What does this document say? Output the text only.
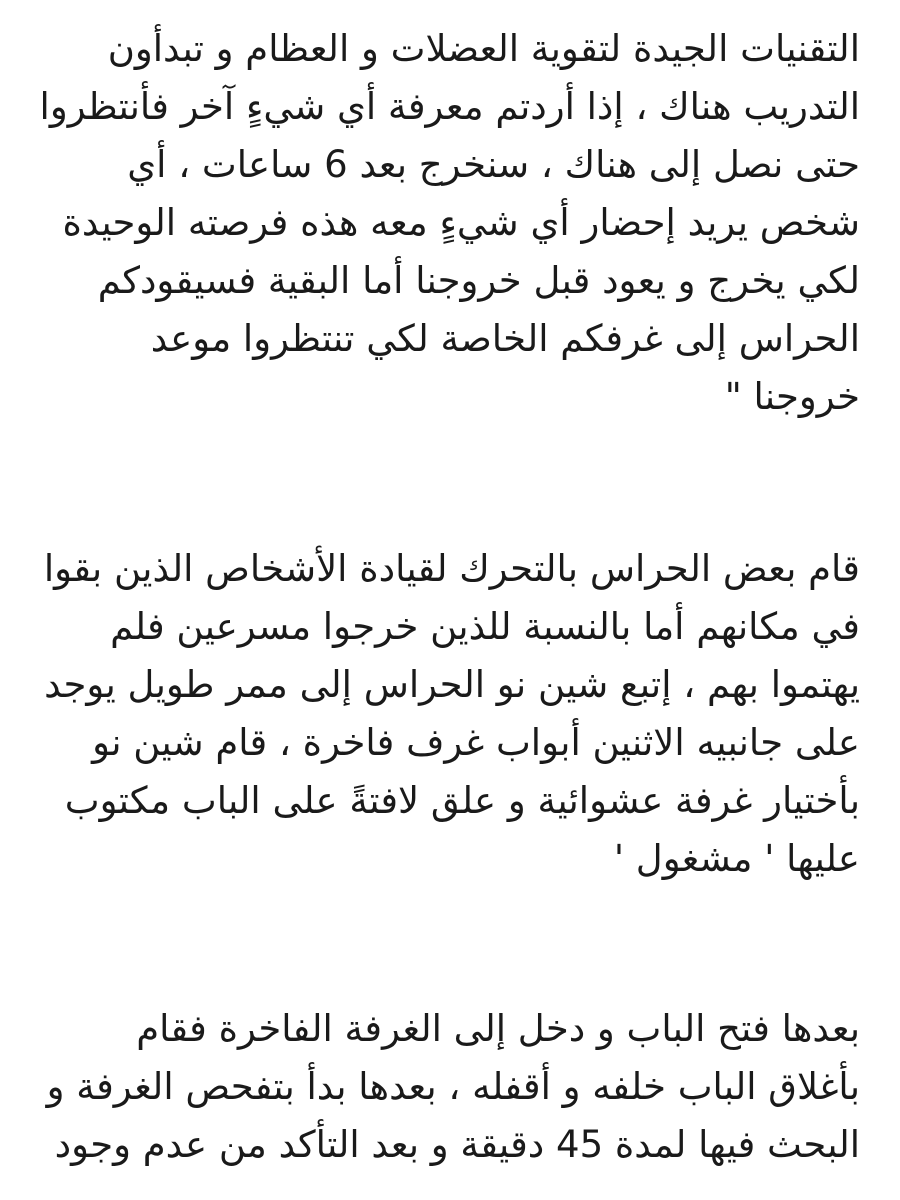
التقنيات الجيدة لتقوية العضلات و العظام و تبدأون
التدريب هناك ، إذا أردتم معرفة أي شيءٍ آخر فأنتظروا
حتى نصل إلى هناك ، سنخرج بعد 6 ساعات ، أي
شخص يريد إحضار أي شيءٍ معه هذه فرصته الوحيدة
لكي يخرج و يعود قبل خروجنا أما البقية فسيقودكم
الحراس إلى غرفكم الخاصة لكي تنتظروا موعد
خروجنا "

قام بعض الحراس بالتحرك لقيادة الأشخاص الذين بقوا
في مكانهم أما بالنسبة للذين خرجوا مسرعين فلم
يهتموا بهم ، إتبع شين نو الحراس إلى ممر طويل يوجد
على جانبيه الاثنين أبواب غرف فاخرة ، قام شين نو
بأختيار غرفة عشوائية و علق لافتةً على الباب مكتوب
عليها ' مشغول '

بعدها فتح الباب و دخل إلى الغرفة الفاخرة فقام
بأغلاق الباب خلفه و أقفله ، بعدها بدأ بتفحص الغرفة و
البحث فيها لمدة 45 دقيقة و بعد التأكد من عدم وجود
